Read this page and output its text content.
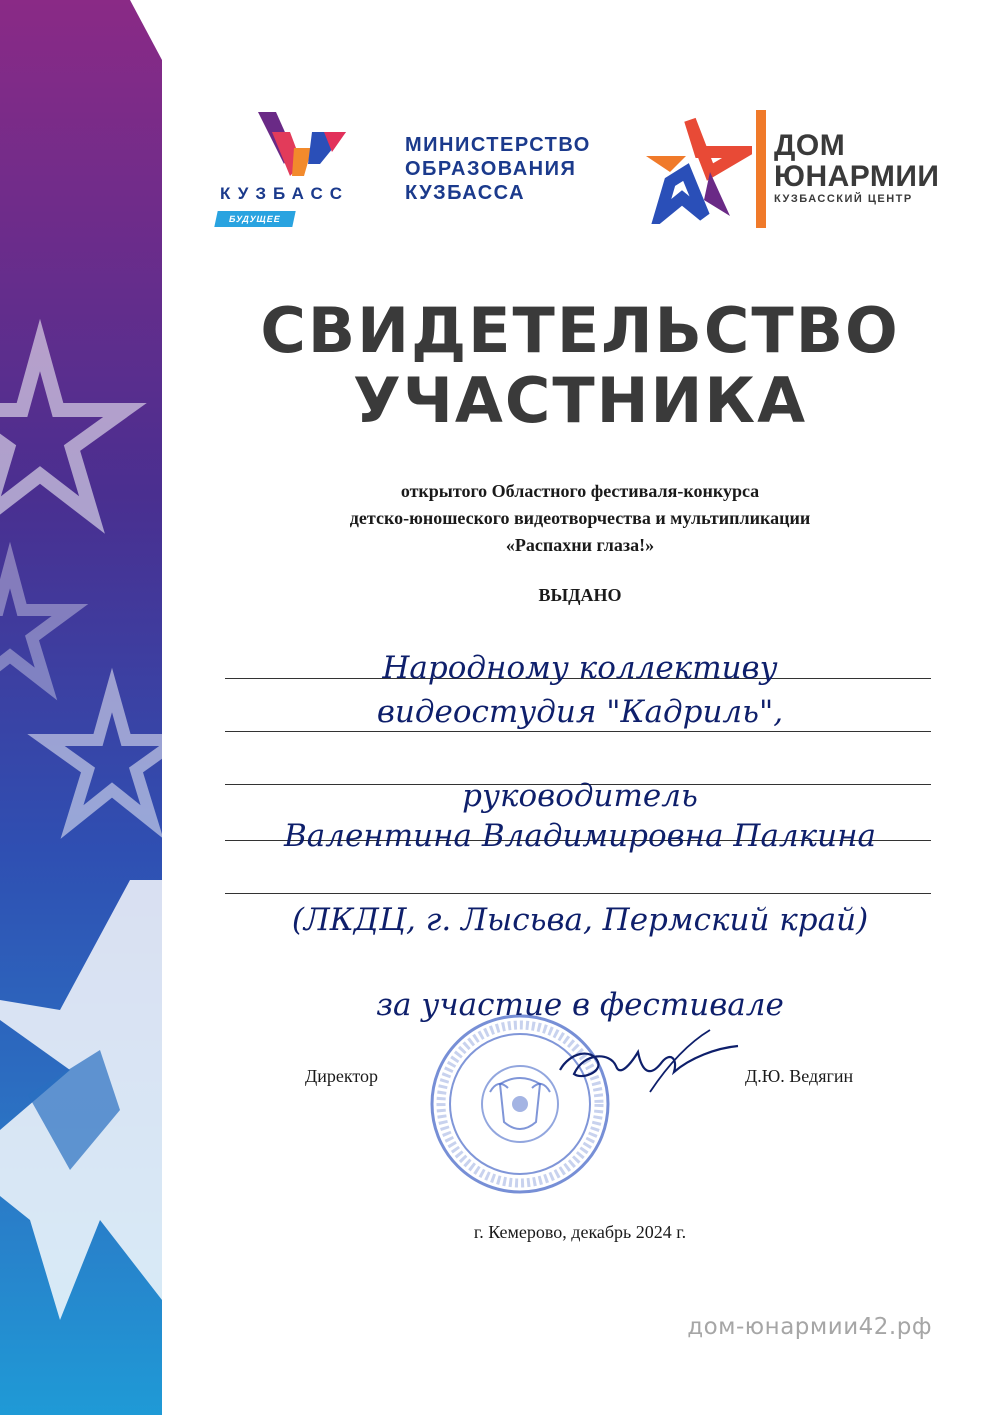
КУЗБАСС
БУДУЩЕЕ
МИНИСТЕРСТВО
ОБРАЗОВАНИЯ
КУЗБАССА
ДОМ
ЮНАРМИИ
КУЗБАССКИЙ ЦЕНТР
СВИДЕТЕЛЬСТВО
УЧАСТНИКА
открытого Областного фестиваля-конкурса
детско-юношеского видеотворчества и мультипликации
«Распахни глаза!»
ВЫДАНО
Народному коллективу
видеостудия "Кадриль",
руководитель
Валентина Владимировна Палкина
(ЛКДЦ, г. Лысьва, Пермский край)
за участие в фестивале
Директор	Д.Ю. Ведягин
г. Кемерово, декабрь 2024 г.
дом-юнармии42.рф
